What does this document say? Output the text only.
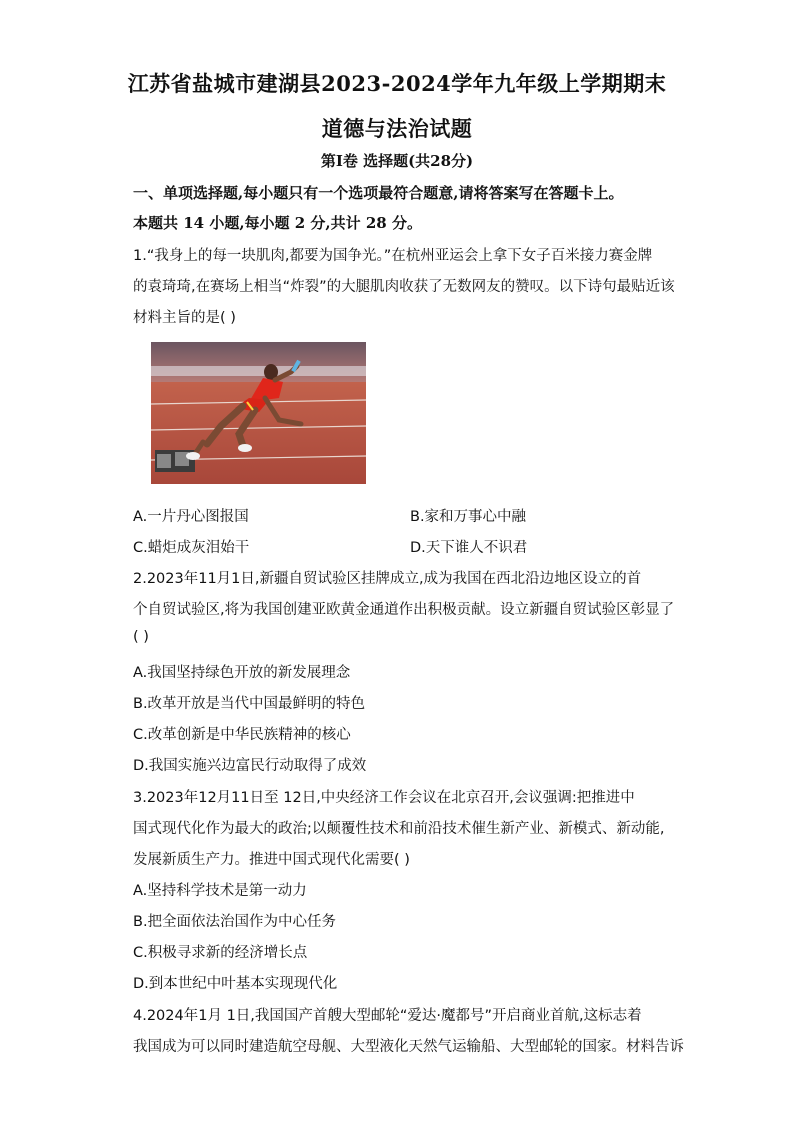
江苏省盐城市建湖县2023-2024学年九年级上学期期末
道德与法治试题
第I卷 选择题(共28分)
一、单项选择题,每小题只有一个选项最符合题意,请将答案写在答题卡上。
本题共 14 小题,每小题 2 分,共计 28 分。
1.“我身上的每一块肌肉,都要为国争光。”在杭州亚运会上拿下女子百米接力赛金牌
的袁琦琦,在赛场上相当“炸裂”的大腿肌肉收获了无数网友的赞叹。以下诗句最贴近该
材料主旨的是( )
A.一片丹心图报国	B.家和万事心中融
C.蜡炬成灰泪始干	D.天下谁人不识君
2.2023年11月1日,新疆自贸试验区挂牌成立,成为我国在西北沿边地区设立的首
个自贸试验区,将为我国创建亚欧黄金通道作出积极贡献。设立新疆自贸试验区彰显了
( )
A.我国坚持绿色开放的新发展理念
B.改革开放是当代中国最鲜明的特色
C.改革创新是中华民族精神的核心
D.我国实施兴边富民行动取得了成效
3.2023年12月11日至 12日,中央经济工作会议在北京召开,会议强调:把推进中
国式现代化作为最大的政治;以颠覆性技术和前沿技术催生新产业、新模式、新动能,
发展新质生产力。推进中国式现代化需要( )
A.坚持科学技术是第一动力
B.把全面依法治国作为中心任务
C.积极寻求新的经济增长点
D.到本世纪中叶基本实现现代化
4.2024年1月 1日,我国国产首艘大型邮轮“爱达·魔都号”开启商业首航,这标志着
我国成为可以同时建造航空母舰、大型液化天然气运输船、大型邮轮的国家。材料告诉
